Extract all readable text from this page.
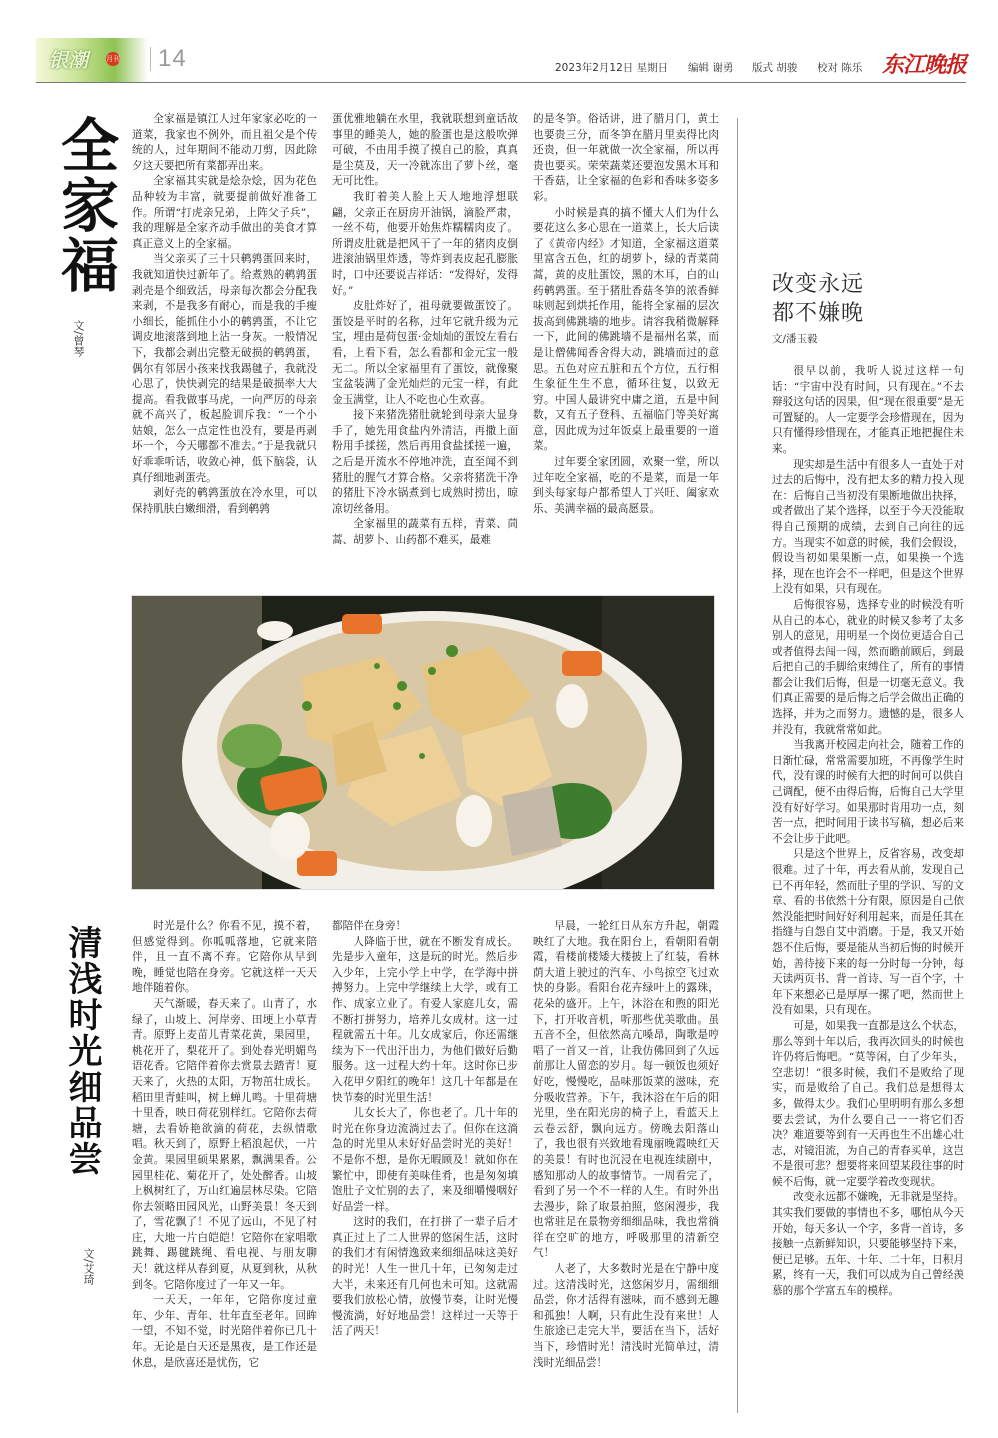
银潮	月刊 14	2023年2月12日 星期日 编辑 谢勇 版式 胡骏 校对 陈乐 东江晚报
全家福
文/曾琴

全家福是镇江人过年家家必吃的一道菜，我家也不例外，而且祖父是个传统的人，过年期间不能动刀剪，因此除夕这天要把所有菜都弄出来。

全家福其实就是烩杂烩，因为花色品种较为丰富，就要提前做好准备工作。所谓“打虎亲兄弟，上阵父子兵”，我的理解是全家齐动手做出的美食才算真正意义上的全家福。

当父亲买了三十只鹌鹑蛋回来时，我就知道快过新年了。给煮熟的鹌鹑蛋剥壳是个细致活，母亲每次都会分配我来剥，不是我多有耐心，而是我的手瘦小细长，能抓住小小的鹌鹑蛋，不让它调皮地滚落到地上沾一身灰。一般情况下，我都会剥出完整无破损的鹌鹑蛋，偶尔有邻居小孩来找我踢毽子，我就没心思了，快快剥完的结果是破损率大大提高。看我做事马虎，一向严厉的母亲就不高兴了，板起脸训斥我：“一个小姑娘，怎么一点定性也没有，要是再剥坏一个，今天哪都不准去。”于是我就只好乖乖听话，收敛心神，低下脑袋，认真仔细地剥蛋壳。

剥好壳的鹌鹑蛋放在冷水里，可以保持肌肤白嫩细滑，看到鹌鹑

蛋优雅地躺在水里，我就联想到童话故事里的睡美人，她的脸蛋也是这般吹弹可破，不由用手摸了摸自己的脸，真真是尘莫及，天一冷就冻出了萝卜丝，毫无可比性。

我盯着美人脸上天人地地浮想联翩，父亲正在厨房开油锅，滴脸严肃，一丝不苟，他要开始焦炸糯糯肉皮了。所谓皮肚就是把风干了一年的猪肉皮倒进滚油锅里炸透，等炸到表皮起孔膨胀时，口中还要说吉祥话：“发得好，发得好。”

皮肚炸好了，祖母就要做蛋饺了。蛋饺是平时的名称，过年它就升级为元宝，埋由是荷包蛋·金灿灿的蛋饺左看右看，上看下看，怎么看都和金元宝一般无二。所以全家福里有了蛋饺，就像聚宝盆装满了金光灿烂的元宝一样，有此金玉满堂，让人不吃也心生欢喜。

接下来猪洗猪肚就轮到母亲大显身手了，她先用食盐内外清洁，再撒上面粉用手揉搓，然后再用食盐揉搓一遍，之后是开流水不停地冲洗，直至闻不到猪肚的腥气才算合格。父亲将猪洗干净的猪肚下冷水锅煮到七成熟时捞出，晾凉切丝备用。

全家福里的蔬菜有五样，青菜、茼蒿、胡萝卜、山药都不难买，最难

的是冬笋。俗话讲，进了腊月门，黄土也要贵三分，而冬笋在腊月里卖得比肉还贵，但一年就做一次全家福，所以再贵也要买。荣荣蔬菜还要泡发黑木耳和干香菇，让全家福的色彩和香味多姿多彩。

小时候是真的搞不懂大人们为什么要花这么多心思在一道菜上，长大后读了《黄帝内经》才知道，全家福这道菜里富含五色，红的胡萝卜，绿的青菜茼蒿，黄的皮肚蛋饺，黑的木耳，白的山药鹌鹑蛋。至于猪肚香菇冬笋的浓香鲜味则起到烘托作用，能将全家福的层次拔高到佛跳墙的地步。请容我稍微解释一下，此间的佛跳墙不是福州名菜，而是让僧佛闻香舍得大动，跳墙而过的意思。五色对应五脏和五个方位，五行相生象征生生不息，循环往复，以致无穷。中国人最讲究中庸之道，五是中间数，又有五子登科、五福临门等美好寓意，因此成为过年饭桌上最重要的一道菜。

过年要全家团圆，欢聚一堂，所以过年吃全家福，吃的不是菜，而是一年到头每家每户都希望人丁兴旺、阖家欢乐、美满幸福的最高愿景。

清浅时光细品尝
文/艾琦

时光是什么？你看不见，摸不着，但感觉得到。你呱呱落地，它就来陪伴，且一直不离不弃。它陪你从早到晚，睡觉也陪在身旁。它就这样一天天地伴随着你。

天气渐暖，春天来了。山青了，水绿了，山坡上、河岸旁、田埂上小草青青。原野上麦苗儿青菜花黄，果园里，桃花开了，梨花开了。到处春光明媚鸟语花香。它陪伴着你去赏景去踏青！夏天来了，火热的太阳，万物茁壮成长。稻田里青蛙叫，树上蝉儿鸣。十里荷塘十里香，映日荷花别样红。它陪你去荷塘，去看娇艳欲滴的荷花，去纵情歌唱。秋天到了，原野上稻浪起伏，一片金黄。果园里硕果累累，飘满果香。公园里桂花、菊花开了，处处醉香。山坡上枫树红了，万山红遍层林尽染。它陪你去领略田园风光，山野美景！冬天到了，雪花飘了！不见了远山，不见了村庄，大地一片白皑皑！它陪你在家唱歌跳舞、踢毽跳绳、看电视、与朋友聊天！就这样从春到夏，从夏到秋，从秋到冬。它陪你度过了一年又一年。

一天天，一年年，它陪你度过童年、少年、青年、壮年直至老年。回眸一望，不知不觉，时光陪伴着你已几十年。无论是白天还是黑夜，是工作还是休息，是欣喜还是忧伤，它

都陪伴在身旁！

人降临于世，就在不断发育成长。先是步入童年，这是玩的时光。然后步入少年，上完小学上中学，在学海中拼搏努力。上完中学继续上大学，或有工作、成家立业了。有爱人家庭儿女，需不断打拼努力，培养儿女成材。这一过程就需五十年。儿女成家后，你还需继续为下一代出汗出力，为他们做好后勤服务。这一过程大约十年。这时你已步入花甲夕阳红的晚年！这几十年都是在快节奏的时光里生活！

儿女长大了，你也老了。几十年的时光在你身边流淌过去了。但你在这淌急的时光里从未好好品尝时光的美好！不是你不想，是你无暇顾及！就如你在繁忙中，即使有美味佳肴，也是匆匆填饱肚子文忙别的去了，来及细嚼慢咽好好品尝一样。

这时的我们，在打拼了一辈子后才真正过上了二人世界的悠闲生活，这时的我们才有闲情逸致来细细品味这美好的时光！人生一世几十年，已匆匆走过大半，未来还有几何也未可知。这就需要我们放松心情，放慢节奏，让时光慢慢流淌，好好地品尝！这样过一天等于活了两天！

早晨，一轮红日从东方升起，朝霞映红了大地。我在阳台上，看朝阳看朝霞，看楼前楼矮大楼披上了红装，看林荫大道上驶过的汽车、小鸟掠空飞过欢快的身影。看阳台花卉绿叶上的露珠，花朵的盛开。上午，沐浴在和煦的阳光下，打开收音机，听那些优美歌曲。虽五音不全，但依然高亢嗓昂，陶歌是哼唱了一首又一首，让我仿佛回到了久远前那让人留恋的岁月。每一顿饭也须好好吃，慢慢吃，品味那饭菜的滋味，充分吸收营养。下午，我沐浴在午后的阳光里，坐在阳光房的椅子上，看蓝天上云卷云舒，飘向远方。傍晚去阳落山了，我也很有兴致地看瑰丽晚霞映红天的美景！有时也沉浸在电视连续剧中，感知那动人的故事情节。一周看完了，看到了另一个不一样的人生。有时外出去漫步，除了取景拍照，悠闲漫步，我也常驻足在景物旁细细品味，我也常徜徉在空旷的地方，呼吸那里的清新空气！

人老了，大多数时光是在宁静中度过。这清浅时光，这悠闲岁月，需细细品尝，你才活得有滋味，而不感到无趣和孤独！人啊，只有此生没有来世！人生旅途已走完大半，要活在当下，活好当下，珍惜时光！清浅时光简单过，清浅时光细品尝！

改变永远
都不嫌晚
文/潘玉毅

很早以前，我听人说过这样一句话：“宇宙中没有时间，只有现在。”不去辩驳这句话的因果，但“现在很重要”是无可置疑的。人一定要学会珍惜现在，因为只有懂得珍惜现在，才能真正地把握住未来。

现实却是生活中有很多人一直处于对过去的后悔中，没有把太多的精力投入现在：后悔自己当初没有果断地做出抉择，或者做出了某个选择，以至于今天没能取得自己预期的成绩，去到自己向往的远方。当现实不如意的时候，我们会假设，假设当初如果果断一点，如果换一个选择，现在也许会不一样吧，但是这个世界上没有如果，只有现在。

后悔很容易，选择专业的时候没有听从自己的本心，就业的时候又参考了太多别人的意见，用明星一个岗位更适合自己或者值得去闯一闯，然而瞻前顾后，到最后把自己的手脚给束缚住了，所有的事情都会让我们后悔，但是一切毫无意义。我们真正需要的是后悔之后学会做出正确的选择，并为之而努力。遗憾的是，很多人并没有，我就常常如此。

当我离开校园走向社会，随着工作的日渐忙碌，常常需要加班，不再像学生时代，没有课的时候有大把的时间可以供自己调配，便不由得后悔，后悔自己大学里没有好好学习。如果那时肯用功一点，刻苦一点，把时间用于读书写稿，想必后来不会让步于此吧。

只是这个世界上，反省容易，改变却很难。过了十年，再去看从前，发现自己已不再年轻，然而肚子里的学识、写的文章、看的书依然十分有限，原因是自己依然没能把时间好好利用起来，而是任其在指缝与自怨自艾中消磨。于是，我又开始怨不住后悔，要是能从当初后悔的时候开始，善待接下来的每一分时每一分钟，每天读两页书、背一首诗、写一百个字，十年下来想必已是厚厚一摞了吧，然而世上没有如果，只有现在。

可是，如果我一直都是这么个状态，那么等到十年以后，我再次回头的时候也许仍将后悔吧。“莫等闲，白了少年头，空悲切！”很多时候，我们不是败给了现实，而是败给了自己。我们总是想得太多，做得太少。我们心里明明有那么多想要去尝试，为什么要自己一一将它们否决？难道要等到有一天再也生不出雄心壮志，对镜泪流，为自己的青春买单，这岂不是很可悲？想要将来回望某段往事的时候不后悔，就一定要学着改变现状。

改变永远都不嫌晚，无非就是坚持。其实我们要做的事情也不多，哪怕从今天开始，每天多认一个字，多背一首诗，多接触一点新鲜知识，只要能够坚持下来，便已足够。五年、十年、二十年，日积月累，终有一天，我们可以成为自己曾经羡慕的那个学富五车的模样。
